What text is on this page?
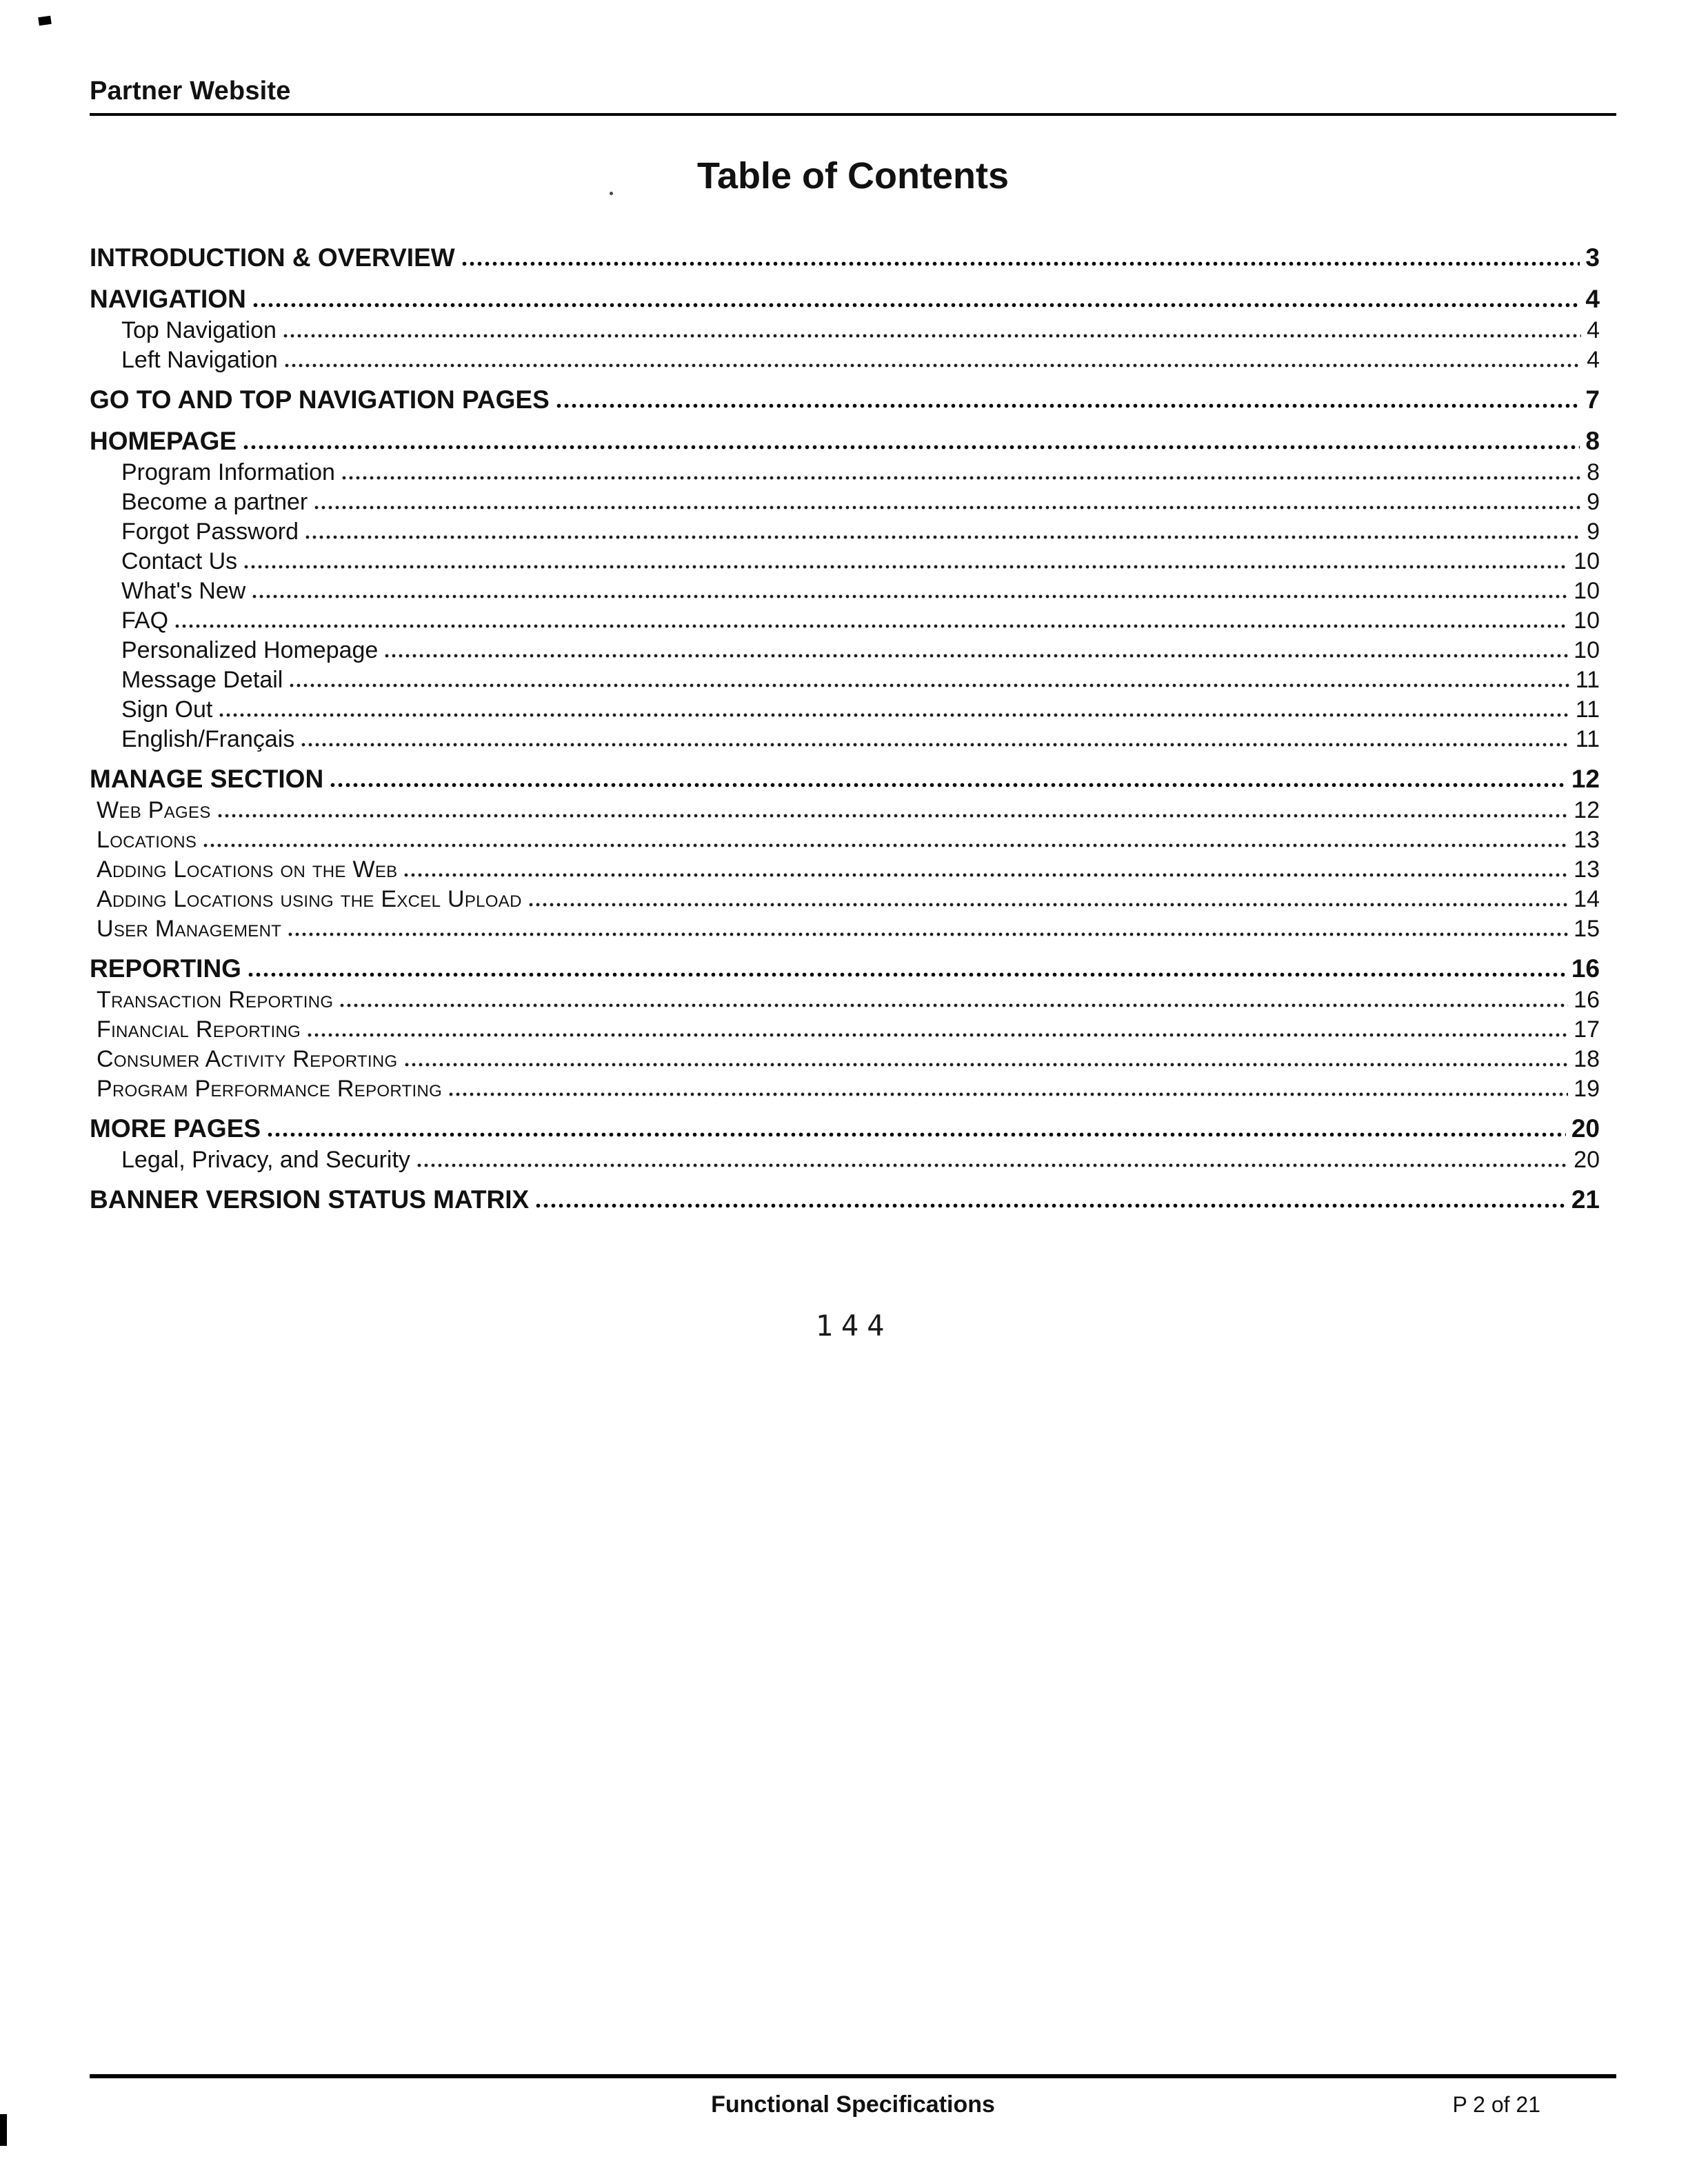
Partner Website
Table of Contents
INTRODUCTION & OVERVIEW	3
NAVIGATION	4
Top Navigation	4
Left Navigation	4
GO TO AND TOP NAVIGATION PAGES	7
HOMEPAGE	8
Program Information	8
Become a partner	9
Forgot Password	9
Contact Us	10
What's New	10
FAQ	10
Personalized Homepage	10
Message Detail	11
Sign Out	11
English/Français	11
MANAGE SECTION	12
Web Pages	12
Locations	13
Adding Locations on the Web	13
Adding Locations using the Excel Upload	14
User Management	15
REPORTING	16
Transaction Reporting	16
Financial Reporting	17
Consumer Activity Reporting	18
Program Performance Reporting	19
MORE PAGES	20
Legal, Privacy, and Security	20
BANNER VERSION STATUS MATRIX	21
144
Functional Specifications	P 2 of 21
